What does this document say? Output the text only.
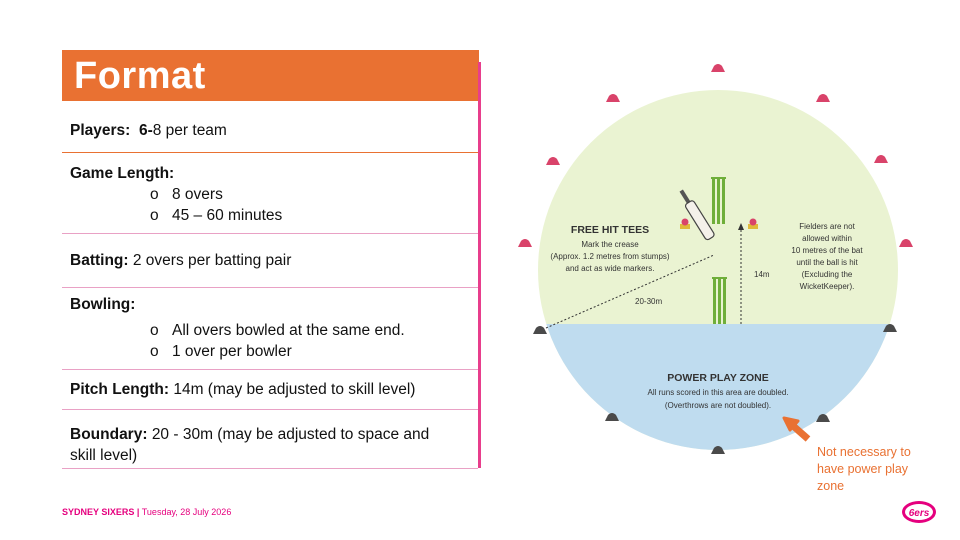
Format
Players: 6-8 per team
Game Length:
o 8 overs
o 45 – 60 minutes
Batting: 2 overs per batting pair
Bowling:
o All overs bowled at the same end.
o 1 over per bowler
Pitch Length: 14m (may be adjusted to skill level)
Boundary: 20 - 30m (may be adjusted to space and
skill level)
FREE HIT TEES
Mark the crease
(Approx. 1.2 metres from stumps)
and act as wide markers.
Fielders are not
allowed within
10 metres of the bat
until the ball is hit
(Excluding the
WicketKeeper).
14m
20-30m
POWER PLAY ZONE
All runs scored in this area are doubled.
(Overthrows are not doubled).
Not necessary to
have power play
zone
SYDNEY SIXERS | Tuesday, 28 July 2026	6ers
